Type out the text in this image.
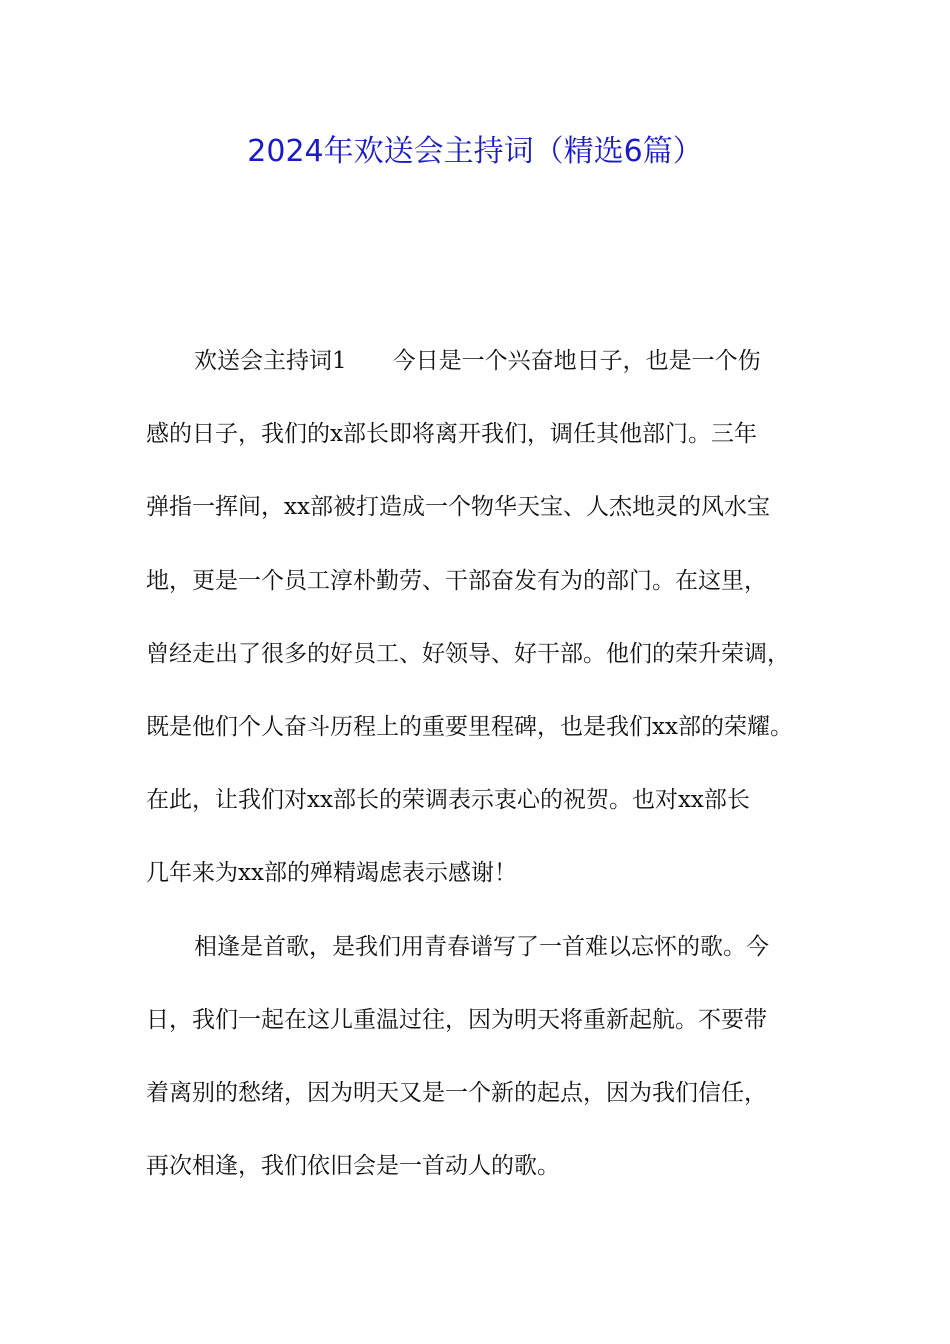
2024年欢送会主持词（精选6篇）
欢送会主持词1　　今日是一个兴奋地日子，也是一个伤
感的日子，我们的x部长即将离开我们，调任其他部门。三年
弹指一挥间，xx部被打造成一个物华天宝、人杰地灵的风水宝
地，更是一个员工淳朴勤劳、干部奋发有为的部门。在这里，
曾经走出了很多的好员工、好领导、好干部。他们的荣升荣调，
既是他们个人奋斗历程上的重要里程碑，也是我们xx部的荣耀。
在此，让我们对xx部长的荣调表示衷心的祝贺。也对xx部长
几年来为xx部的殚精竭虑表示感谢！
相逢是首歌，是我们用青春谱写了一首难以忘怀的歌。今
日，我们一起在这儿重温过往，因为明天将重新起航。不要带
着离别的愁绪，因为明天又是一个新的起点，因为我们信任，
再次相逢，我们依旧会是一首动人的歌。
